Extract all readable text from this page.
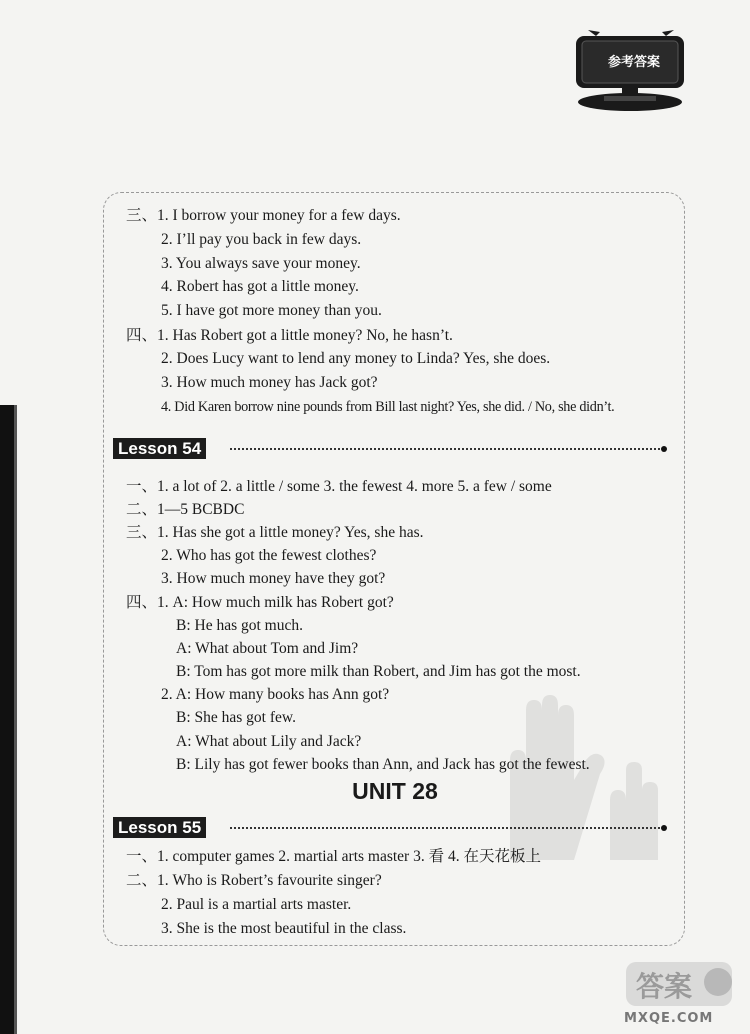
参考答案
三、1. I borrow your money for a few days.
2. I’ll pay you back in few days.
3. You always save your money.
4. Robert has got a little money.
5. I have got more money than you.
四、1. Has Robert got a little money? No, he hasn’t.
2. Does Lucy want to lend any money to Linda? Yes, she does.
3. How much money has Jack got?
4. Did Karen borrow nine pounds from Bill last night? Yes, she did. / No, she didn’t.
Lesson 54
一、1. a lot of 2. a little / some 3. the fewest 4. more 5. a few / some
二、1—5 BCBDC
三、1. Has she got a little money? Yes, she has.
2. Who has got the fewest clothes?
3. How much money have they got?
四、1. A: How much milk has Robert got?
B: He has got much.
A: What about Tom and Jim?
B: Tom has got more milk than Robert, and Jim has got the most.
2. A: How many books has Ann got?
B: She has got few.
A: What about Lily and Jack?
B: Lily has got fewer books than Ann, and Jack has got the fewest.
UNIT 28
Lesson 55
一、1. computer games 2. martial arts master 3. 看 4. 在天花板上
二、1. Who is Robert’s favourite singer?
2. Paul is a martial arts master.
3. She is the most beautiful in the class.
答案
MXQE.COM
